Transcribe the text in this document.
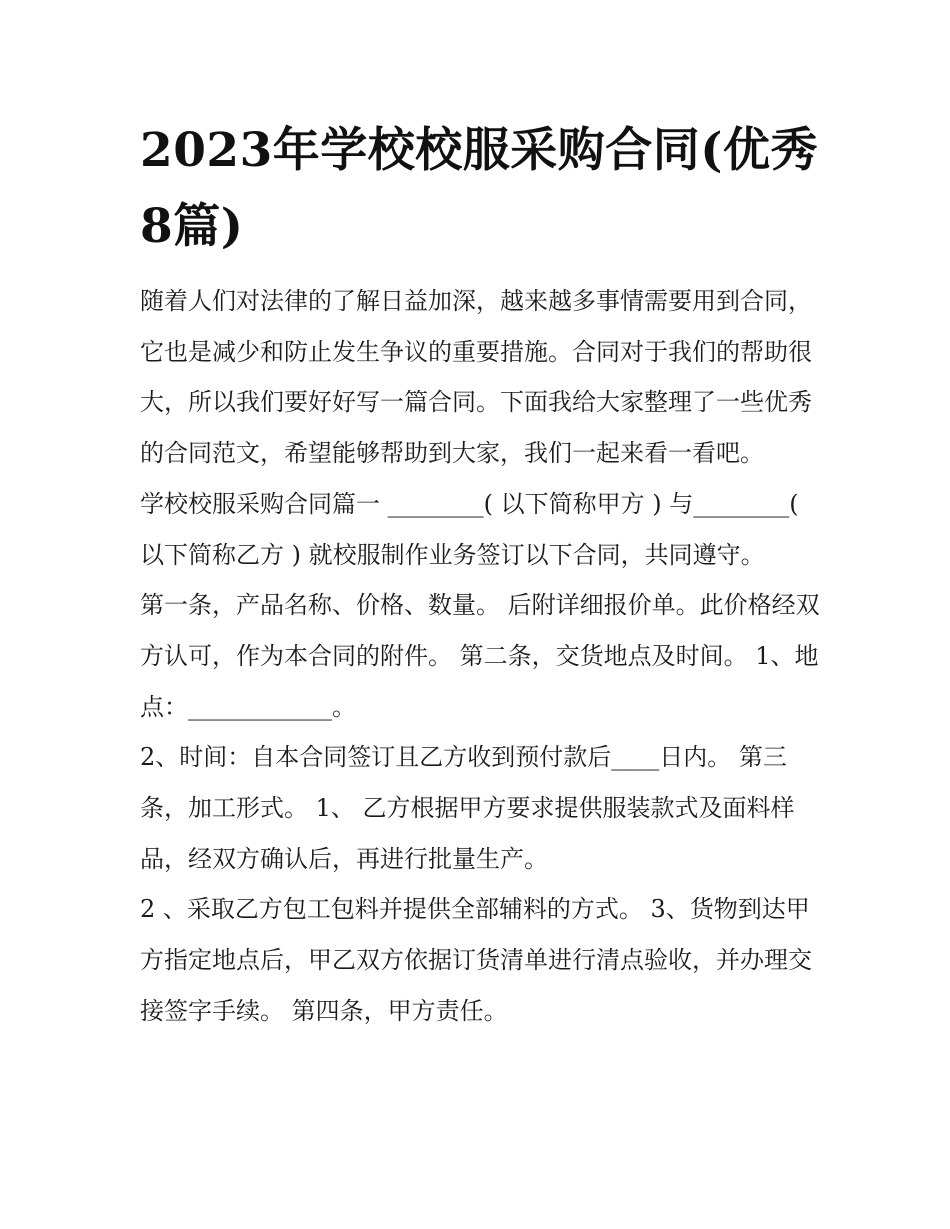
2023年学校校服采购合同(优秀8篇)

随着人们对法律的了解日益加深，越来越多事情需要用到合同，它也是减少和防止发生争议的重要措施。合同对于我们的帮助很大，所以我们要好好写一篇合同。下面我给大家整理了一些优秀的合同范文，希望能够帮助到大家，我们一起来看一看吧。

学校校服采购合同篇一 ________( 以下简称甲方 ) 与________( 以下简称乙方 ) 就校服制作业务签订以下合同，共同遵守。

第一条，产品名称、价格、数量。 后附详细报价单。此价格经双方认可，作为本合同的附件。 第二条，交货地点及时间。 1、地点：____________。

2、时间：自本合同签订且乙方收到预付款后____日内。 第三条，加工形式。 1、 乙方根据甲方要求提供服装款式及面料样品，经双方确认后，再进行批量生产。

2 、采取乙方包工包料并提供全部辅料的方式。 3、货物到达甲方指定地点后，甲乙双方依据订货清单进行清点验收，并办理交接签字手续。 第四条，甲方责任。
